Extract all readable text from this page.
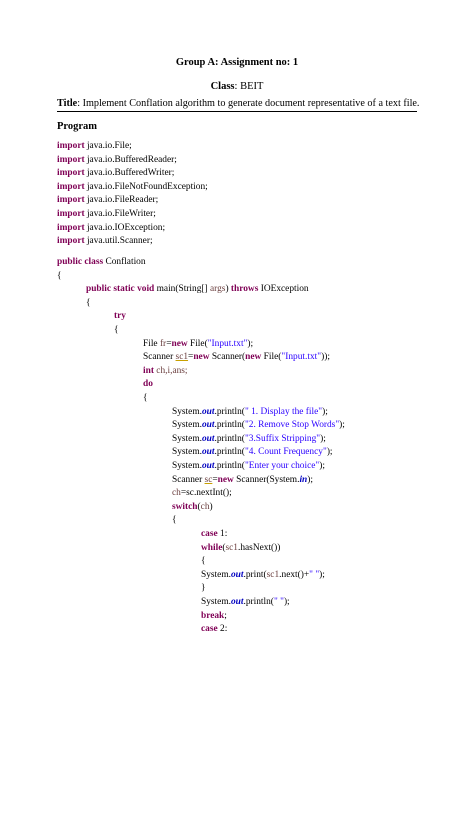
Group A: Assignment no: 1
Class: BEIT
Title: Implement Conflation algorithm to generate document representative of a text file.
Program

import java.io.File;

import java.io.BufferedReader;

import java.io.BufferedWriter;

import java.io.FileNotFoundException;

import java.io.FileReader;

import java.io.FileWriter;

import java.io.IOException;

import java.util.Scanner;

public class Conflation

{

public static void main(String[] args) throws IOException

{

try

{

File fr=new File("Input.txt");

Scanner sc1=new Scanner(new File("Input.txt"));

int ch,i,ans;

do

{

System.out.println(" 1. Display the file");

System.out.println("2. Remove Stop Words");

System.out.println("3.Suffix Stripping");

System.out.println("4. Count Frequency");

System.out.println("Enter your choice");

Scanner sc=new Scanner(System.in);

ch=sc.nextInt();

switch(ch)

{

case 1:

while(sc1.hasNext())

{

System.out.print(sc1.next()+" ");

}

System.out.println(" ");

break;

case 2:
